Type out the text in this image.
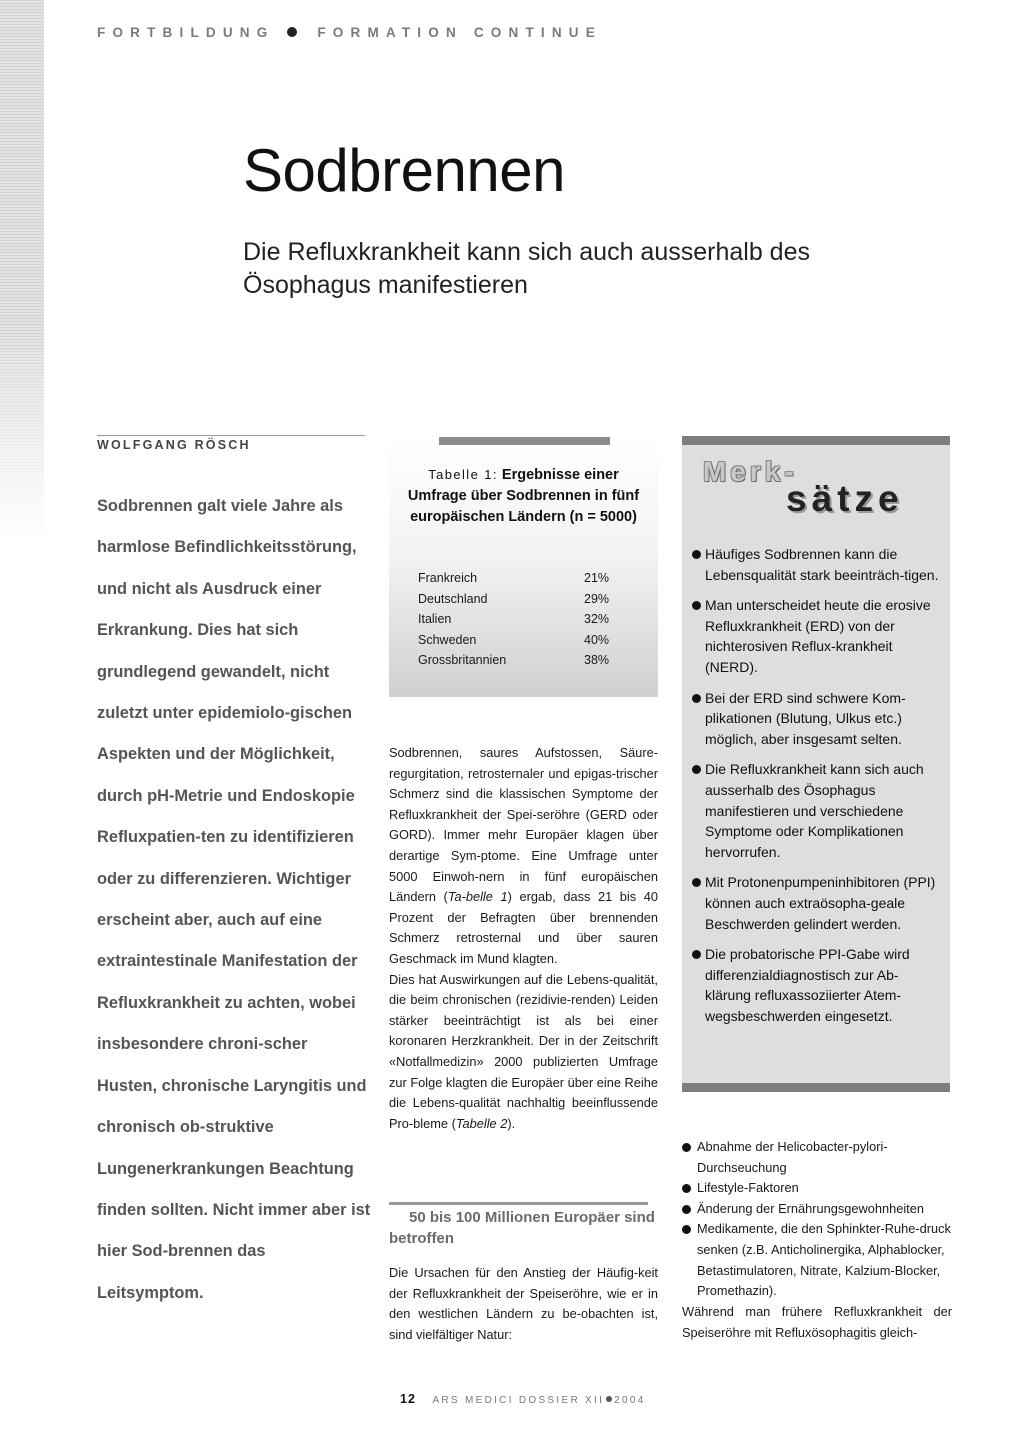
FORTBILDUNG	FORMATION CONTINUE
Sodbrennen
Die Refluxkrankheit kann sich auch ausserhalb des Ösophagus manifestieren
WOLFGANG RÖSCH

Sodbrennen galt viele Jahre als harmlose Befindlichkeitsstörung, und nicht als Ausdruck einer Erkrankung. Dies hat sich grundlegend gewandelt, nicht zuletzt unter epidemiolo-gischen Aspekten und der Möglichkeit, durch pH-Metrie und Endoskopie Refluxpatien-ten zu identifizieren oder zu differenzieren. Wichtiger erscheint aber, auch auf eine extraintestinale Manifestation der Refluxkrankheit zu achten, wobei insbesondere chroni-scher Husten, chronische Laryngitis und chronisch ob-struktive Lungenerkrankungen Beachtung finden sollten. Nicht immer aber ist hier Sod-brennen das Leitsymptom.

Tabelle 1: Ergebnisse einer Umfrage über Sodbrennen in fünf europäischen Ländern (n = 5000)
Frankreich	21%
Deutschland	29%
Italien	32%
Schweden	40%
Grossbritannien	38%

Sodbrennen, saures Aufstossen, Säure-regurgitation, retrosternaler und epigas-trischer Schmerz sind die klassischen Symptome der Refluxkrankheit der Spei-seröhre (GERD oder GORD). Immer mehr Europäer klagen über derartige Sym-ptome. Eine Umfrage unter 5000 Einwoh-nern in fünf europäischen Ländern (Ta-belle 1) ergab, dass 21 bis 40 Prozent der Befragten über brennenden Schmerz retrosternal und über sauren Geschmack im Mund klagten.

Dies hat Auswirkungen auf die Lebens-qualität, die beim chronischen (rezidivie-renden) Leiden stärker beeinträchtigt ist als bei einer koronaren Herzkrankheit. Der in der Zeitschrift «Notfallmedizin» 2000 publizierten Umfrage zur Folge klagten die Europäer über eine Reihe die Lebens-qualität nachhaltig beeinflussende Pro-bleme (Tabelle 2).

50 bis 100 Millionen Europäer sind betroffen

Die Ursachen für den Anstieg der Häufig-keit der Refluxkrankheit der Speiseröhre, wie er in den westlichen Ländern zu be-obachten ist, sind vielfältiger Natur:

Merk-
sätze
Häufiges Sodbrennen kann die Lebensqualität stark beeinträch-tigen.
Man unterscheidet heute die erosive Refluxkrankheit (ERD) von der nichterosiven Reflux-krankheit (NERD).
Bei der ERD sind schwere Kom-plikationen (Blutung, Ulkus etc.) möglich, aber insgesamt selten.
Die Refluxkrankheit kann sich auch ausserhalb des Ösophagus manifestieren und verschiedene Symptome oder Komplikationen hervorrufen.
Mit Protonenpumpeninhibitoren (PPI) können auch extraösopha-geale Beschwerden gelindert werden.
Die probatorische PPI-Gabe wird differenzialdiagnostisch zur Ab-klärung refluxassoziierter Atem-wegsbeschwerden eingesetzt.
Abnahme der Helicobacter-pylori-Durchseuchung
Lifestyle-Faktoren
Änderung der Ernährungsgewohnheiten
Medikamente, die den Sphinkter-Ruhe-druck senken (z.B. Anticholinergika, Alphablocker, Betastimulatoren, Nitrate, Kalzium-Blocker, Promethazin).

Während man frühere Refluxkrankheit der Speiseröhre mit Refluxösophagitis gleich-

12 ARS MEDICI DOSSIER XII 2004
